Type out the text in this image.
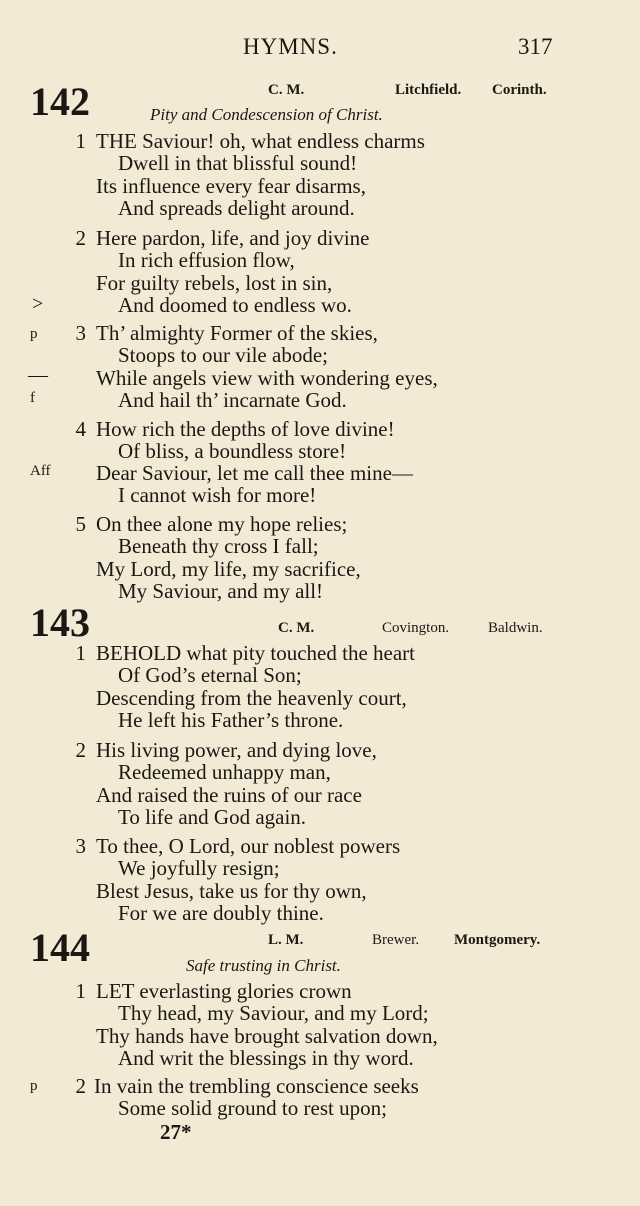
HYMNS.	317
142	C. M.	Litchfield. Corinth.
Pity and Condescension of Christ.
1 THE Saviour! oh, what endless charms
Dwell in that blissful sound!
Its influence every fear disarms,
And spreads delight around.
2 Here pardon, life, and joy divine
In rich effusion flow,
For guilty rebels, lost in sin,
>	And doomed to endless wo.
p	3 Th’ almighty Former of the skies,
Stoops to our vile abode;
— While angels view with wondering eyes,
f	And hail th’ incarnate God.
4 How rich the depths of love divine!
Of bliss, a boundless store!
Aff Dear Saviour, let me call thee mine—
I cannot wish for more!
5 On thee alone my hope relies;
Beneath thy cross I fall;
My Lord, my life, my sacrifice,
My Saviour, and my all!
143	C. M.	Covington.	Baldwin.
1 BEHOLD what pity touched the heart
Of God’s eternal Son;
Descending from the heavenly court,
He left his Father’s throne.
2 His living power, and dying love,
Redeemed unhappy man,
And raised the ruins of our race
To life and God again.
3 To thee, O Lord, our noblest powers
We joyfully resign;
Blest Jesus, take us for thy own,
For we are doubly thine.
144	L. M.	Brewer. Montgomery.
Safe trusting in Christ.
1 LET everlasting glories crown
Thy head, my Saviour, and my Lord;
Thy hands have brought salvation down,
And writ the blessings in thy word.
p	2 In vain the trembling conscience seeks
Some solid ground to rest upon;
27*
